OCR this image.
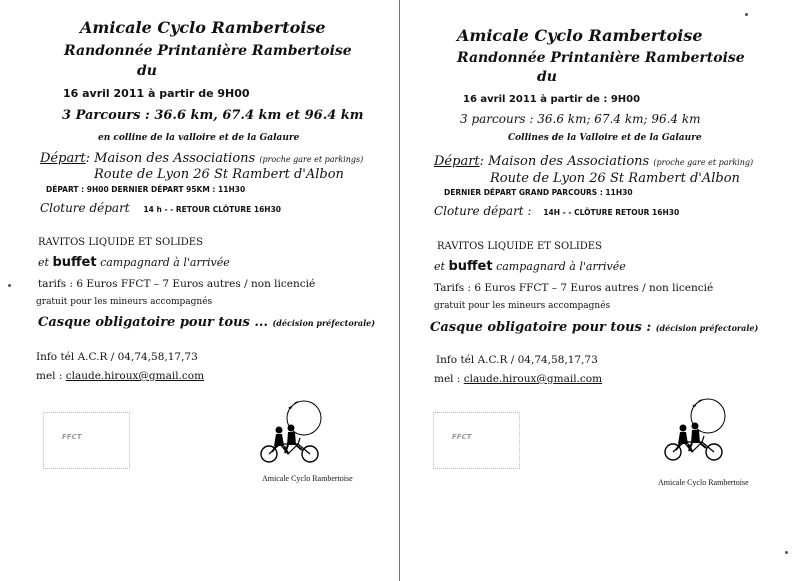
Amicale Cyclo Rambertoise
Randonnée Printanière Rambertoise
du
16 avril 2011 à partir de 9H00
3 Parcours : 36.6 km, 67.4 km et 96.4 km
en colline de la valloire et de la Galaure
Départ: Maison des Associations (proche gare et parkings)
Route de Lyon 26 St Rambert d'Albon
DÉPART : 9H00 DERNIER DÉPART 95KM : 11H30
Cloture départ 14 h - - RETOUR CLÔTURE 16H30
RAVITOS LIQUIDE ET SOLIDES
et buffet campagnard à l'arrivée
tarifs : 6 Euros FFCT – 7 Euros autres / non licencié
gratuit pour les mineurs accompagnés
Casque obligatoire pour tous ... (décision préfectorale)
Info tél A.C.R / 04,74,58,17,73
mel : claude.hiroux@gmail.com
FFCT
Amicale Cyclo Rambertoise
Amicale Cyclo Rambertoise
Randonnée Printanière Rambertoise
du
16 avril 2011 à partir de : 9H00
3 parcours : 36.6 km; 67.4 km; 96.4 km
Collines de la Valloire et de la Galaure
Départ: Maison des Associations (proche gare et parking)
Route de Lyon 26 St Rambert d'Albon
DERNIER DÉPART GRAND PARCOURS : 11H30
Cloture départ : 14H - - CLÔTURE RETOUR 16H30
RAVITOS LIQUIDE ET SOLIDES
et buffet campagnard à l'arrivée
Tarifs : 6 Euros FFCT – 7 Euros autres / non licencié
gratuit pour les mineurs accompagnés
Casque obligatoire pour tous : (décision préfectorale)
Info tél A.C.R / 04,74,58,17,73
mel : claude.hiroux@gmail.com
FFCT
Amicale Cyclo Rambertoise
